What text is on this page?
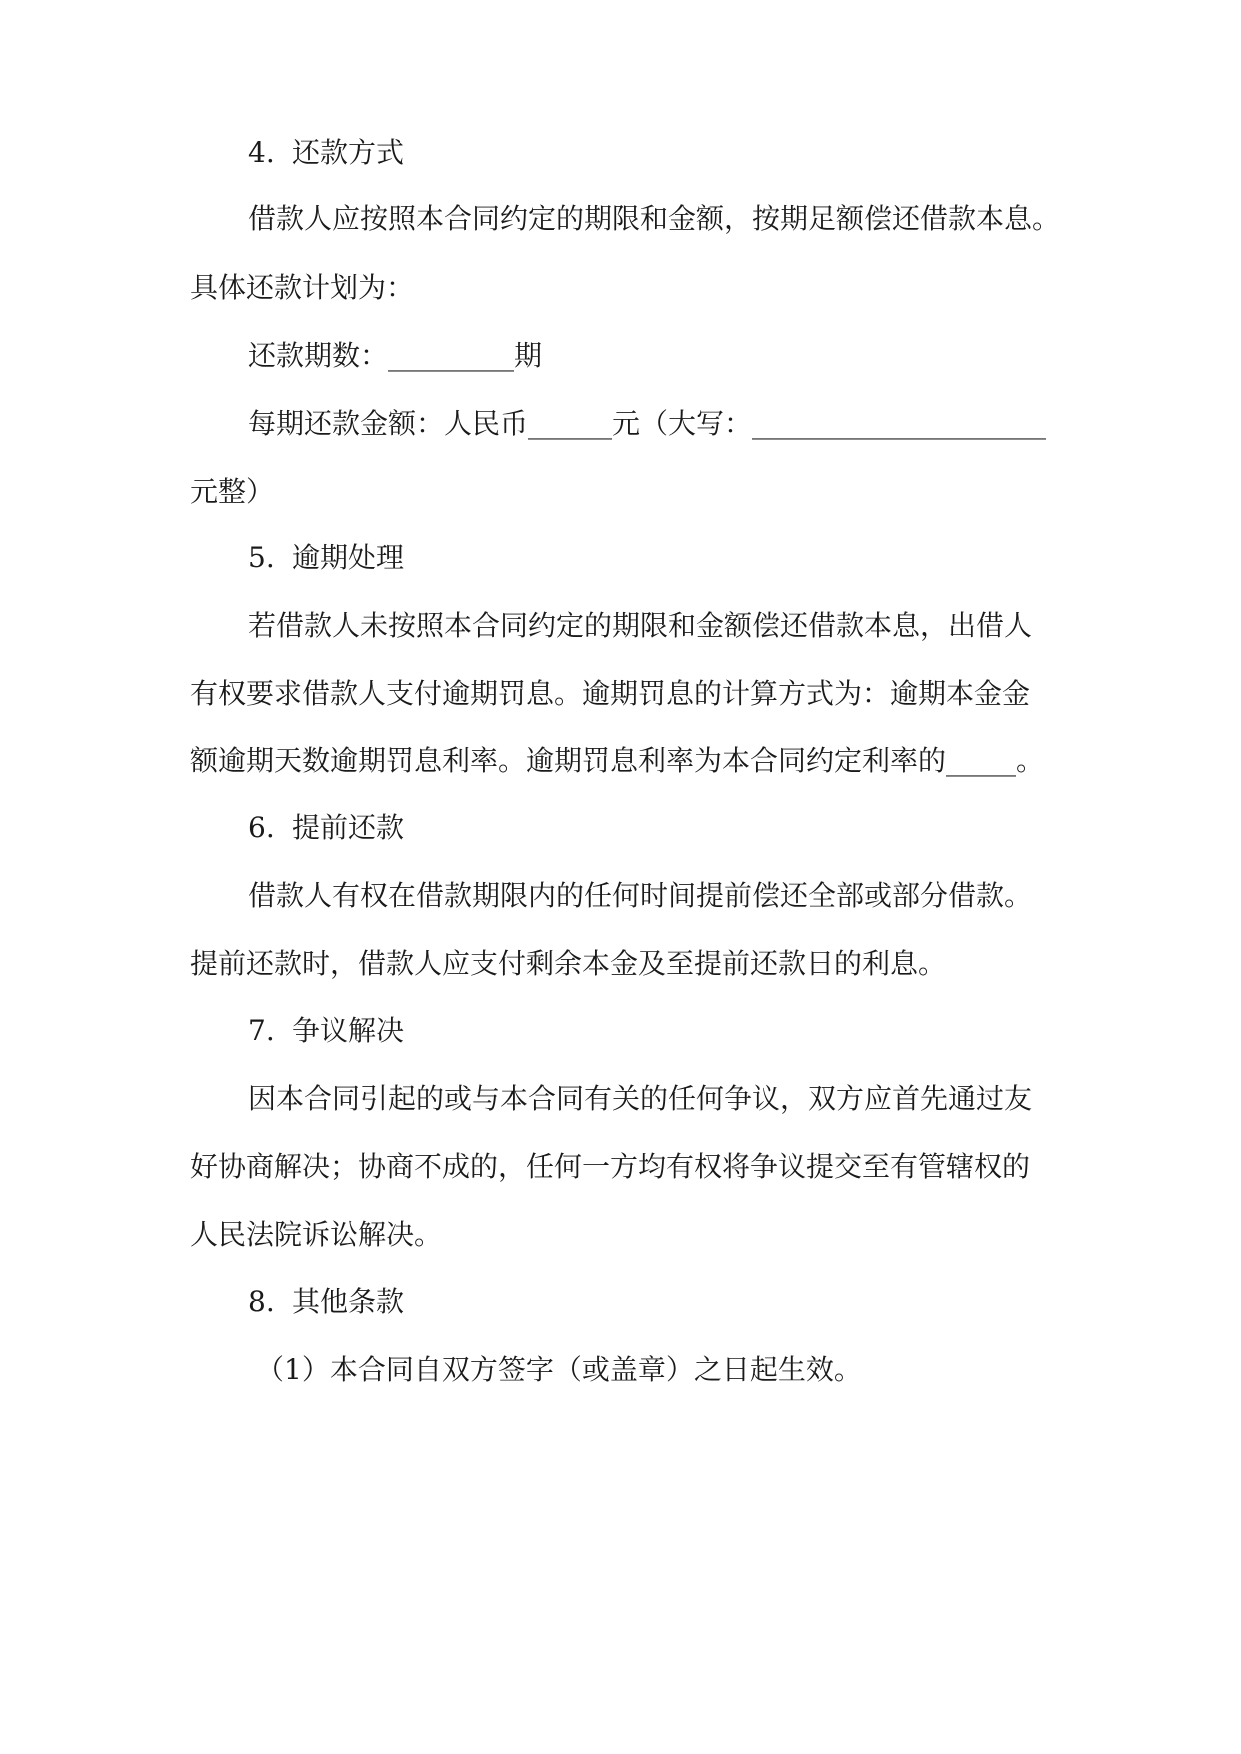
4. 还款方式
借款人应按照本合同约定的期限和金额，按期足额偿还借款本息。
具体还款计划为：
还款期数：_________期
每期还款金额：人民币______元（大写：_____________________
元整）
5. 逾期处理
若借款人未按照本合同约定的期限和金额偿还借款本息，出借人
有权要求借款人支付逾期罚息。逾期罚息的计算方式为：逾期本金金
额逾期天数逾期罚息利率。逾期罚息利率为本合同约定利率的_____。
6. 提前还款
借款人有权在借款期限内的任何时间提前偿还全部或部分借款。
提前还款时，借款人应支付剩余本金及至提前还款日的利息。
7. 争议解决
因本合同引起的或与本合同有关的任何争议，双方应首先通过友
好协商解决；协商不成的，任何一方均有权将争议提交至有管辖权的
人民法院诉讼解决。
8. 其他条款
（1）本合同自双方签字（或盖章）之日起生效。
